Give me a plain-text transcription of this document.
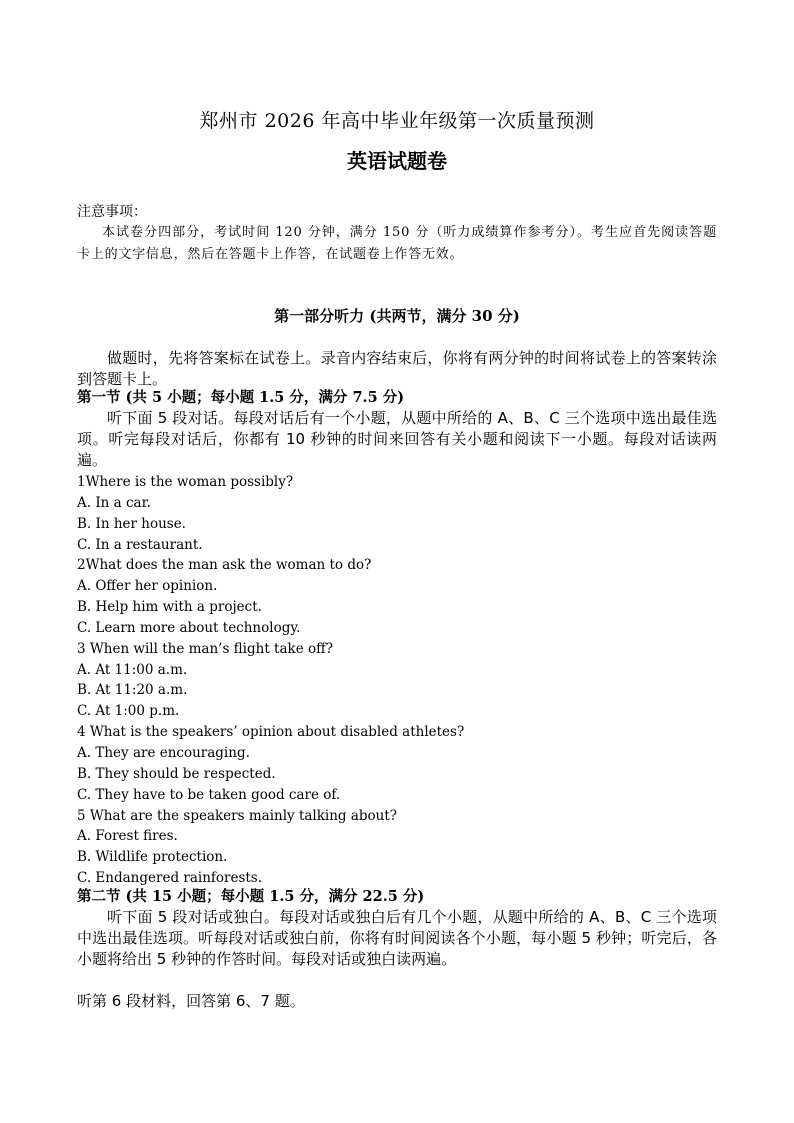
郑州市 2026 年高中毕业年级第一次质量预测
英语试题卷
注意事项：
本试卷分四部分，考试时间 120 分钟，满分 150 分（听力成绩算作参考分）。考生应首先阅读答题卡上的文字信息，然后在答题卡上作答，在试题卷上作答无效。
第一部分听力 (共两节，满分 30 分)
做题时，先将答案标在试卷上。录音内容结束后，你将有两分钟的时间将试卷上的答案转涂到答题卡上。
第一节 (共 5 小题；每小题 1.5 分，满分 7.5 分)
听下面 5 段对话。每段对话后有一个小题，从题中所给的 A、B、C 三个选项中选出最佳选项。听完每段对话后，你都有 10 秒钟的时间来回答有关小题和阅读下一小题。每段对话读两遍。
1Where is the woman possibly?
A. In a car.
B. In her house.
C. In a restaurant.
2What does the man ask the woman to do?
A. Offer her opinion.
B. Help him with a project.
C. Learn more about technology.
3 When will the man’s flight take off?
A. At 11:00 a.m.
B. At 11:20 a.m.
C. At 1:00 p.m.
4 What is the speakers’ opinion about disabled athletes?
A. They are encouraging.
B. They should be respected.
C. They have to be taken good care of.
5 What are the speakers mainly talking about?
A. Forest fires.
B. Wildlife protection.
C. Endangered rainforests.
第二节 (共 15 小题；每小题 1.5 分，满分 22.5 分)
听下面 5 段对话或独白。每段对话或独白后有几个小题，从题中所给的 A、B、C 三个选项中选出最佳选项。听每段对话或独白前，你将有时间阅读各个小题，每小题 5 秒钟；听完后，各小题将给出 5 秒钟的作答时间。每段对话或独白读两遍。
听第 6 段材料，回答第 6、7 题。
